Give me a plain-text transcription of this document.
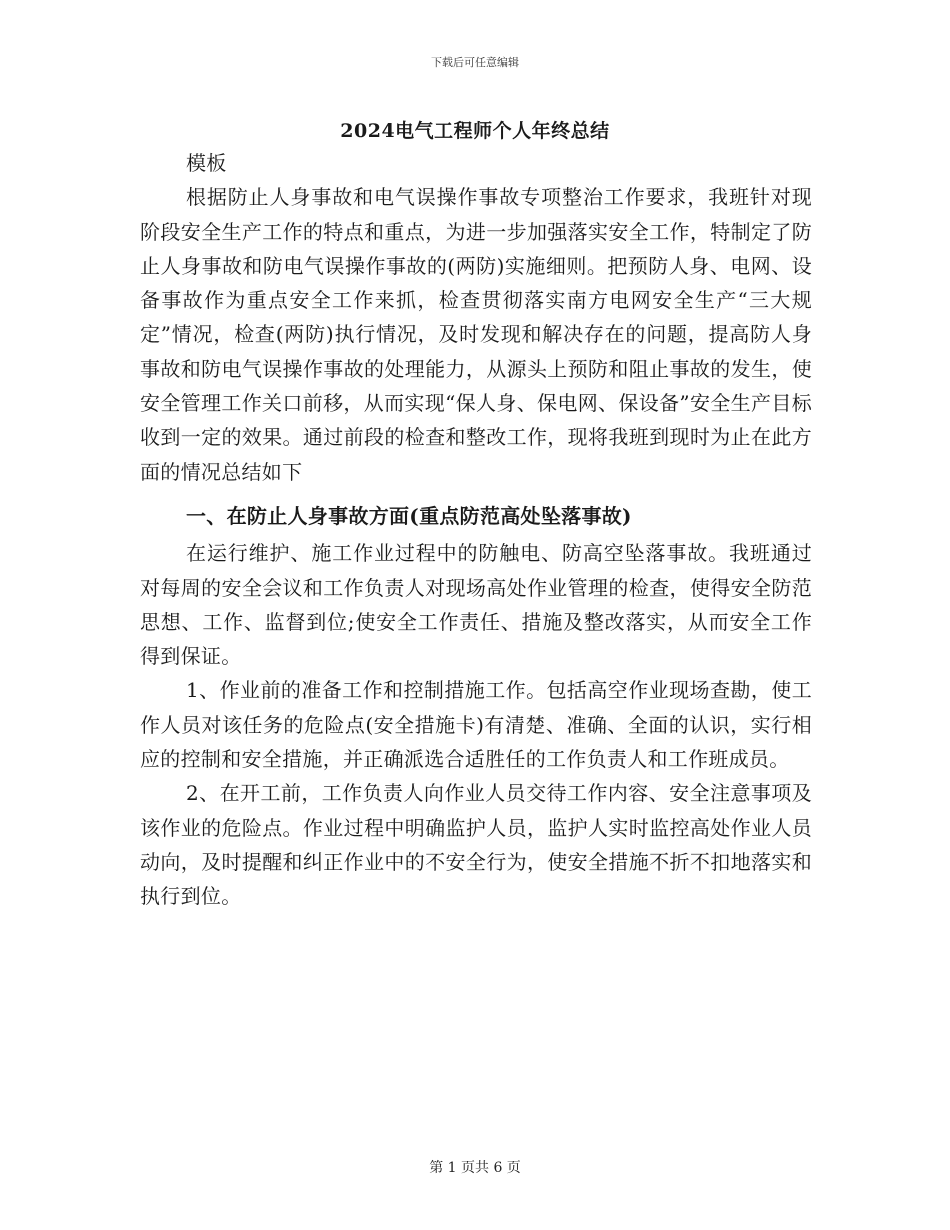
下载后可任意编辑
2024电气工程师个人年终总结

模板

根据防止人身事故和电气误操作事故专项整治工作要求，我班针对现阶段安全生产工作的特点和重点，为进一步加强落实安全工作，特制定了防止人身事故和防电气误操作事故的(两防)实施细则。把预防人身、电网、设备事故作为重点安全工作来抓，检查贯彻落实南方电网安全生产“三大规定”情况，检查(两防)执行情况，及时发现和解决存在的问题，提高防人身事故和防电气误操作事故的处理能力，从源头上预防和阻止事故的发生，使安全管理工作关口前移，从而实现“保人身、保电网、保设备”安全生产目标收到一定的效果。通过前段的检查和整改工作，现将我班到现时为止在此方面的情况总结如下

一、在防止人身事故方面(重点防范高处坠落事故)

在运行维护、施工作业过程中的防触电、防高空坠落事故。我班通过对每周的安全会议和工作负责人对现场高处作业管理的检查，使得安全防范思想、工作、监督到位;使安全工作责任、措施及整改落实，从而安全工作得到保证。

1、作业前的准备工作和控制措施工作。包括高空作业现场查勘，使工作人员对该任务的危险点(安全措施卡)有清楚、准确、全面的认识，实行相应的控制和安全措施，并正确派选合适胜任的工作负责人和工作班成员。

2、在开工前，工作负责人向作业人员交待工作内容、安全注意事项及该作业的危险点。作业过程中明确监护人员，监护人实时监控高处作业人员动向，及时提醒和纠正作业中的不安全行为，使安全措施不折不扣地落实和执行到位。

第 1 页共 6 页
